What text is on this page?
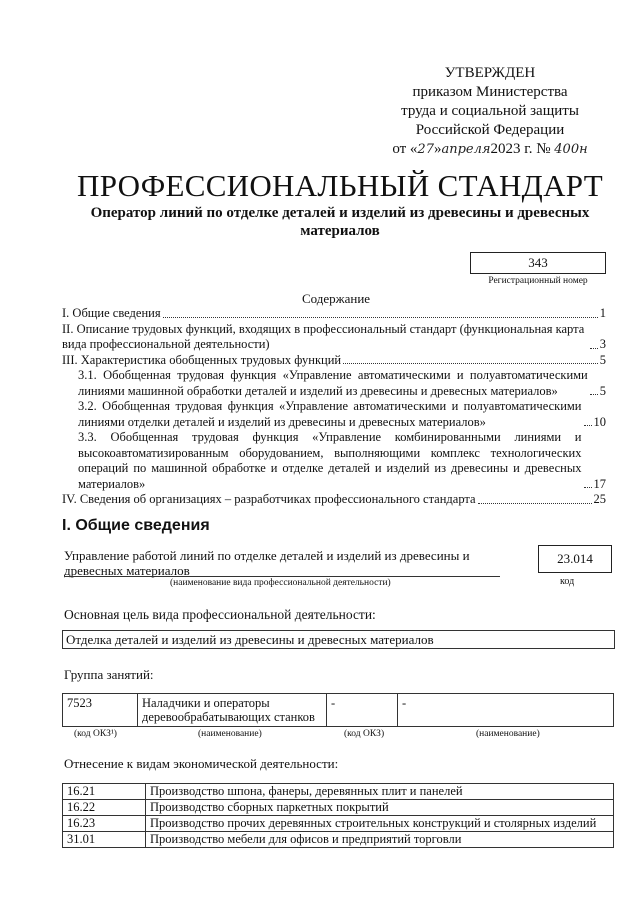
УТВЕРЖДЕН
приказом Министерства
труда и социальной защиты
Российской Федерации
от «27»апреля2023 г. № 400н
ПРОФЕССИОНАЛЬНЫЙ СТАНДАРТ
Оператор линий по отделке деталей и изделий из древесины и древесных материалов
343
Регистрационный номер
Содержание
I. Общие сведения	1
II. Описание трудовых функций, входящих в профессиональный стандарт (функциональная карта вида профессиональной деятельности)	3
III. Характеристика обобщенных трудовых функций	5
3.1. Обобщенная трудовая функция «Управление автоматическими и полуавтоматическими линиями машинной обработки деталей и изделий из древесины и древесных материалов»	5
3.2. Обобщенная трудовая функция «Управление автоматическими и полуавтоматическими линиями отделки деталей и изделий из древесины и древесных материалов»	10
3.3. Обобщенная трудовая функция «Управление комбинированными линиями и высокоавтоматизированным оборудованием, выполняющими комплекс технологических операций по машинной обработке и отделке деталей и изделий из древесины и древесных материалов»	17
IV. Сведения об организациях – разработчиках профессионального стандарта	25
I. Общие сведения
Управление работой линий по отделке деталей и изделий из древесины и древесных материалов
(наименование вида профессиональной деятельности)
23.014
код
Основная цель вида профессиональной деятельности:
Отделка деталей и изделий из древесины и древесных материалов
Группа занятий:
7523	Наладчики и операторы деревообрабатывающих станков	-	-
(код ОКЗ¹)	(наименование)	(код ОКЗ)	(наименование)
Отнесение к видам экономической деятельности:
16.21	Производство шпона, фанеры, деревянных плит и панелей
16.22	Производство сборных паркетных покрытий
16.23	Производство прочих деревянных строительных конструкций и столярных изделий
31.01	Производство мебели для офисов и предприятий торговли
